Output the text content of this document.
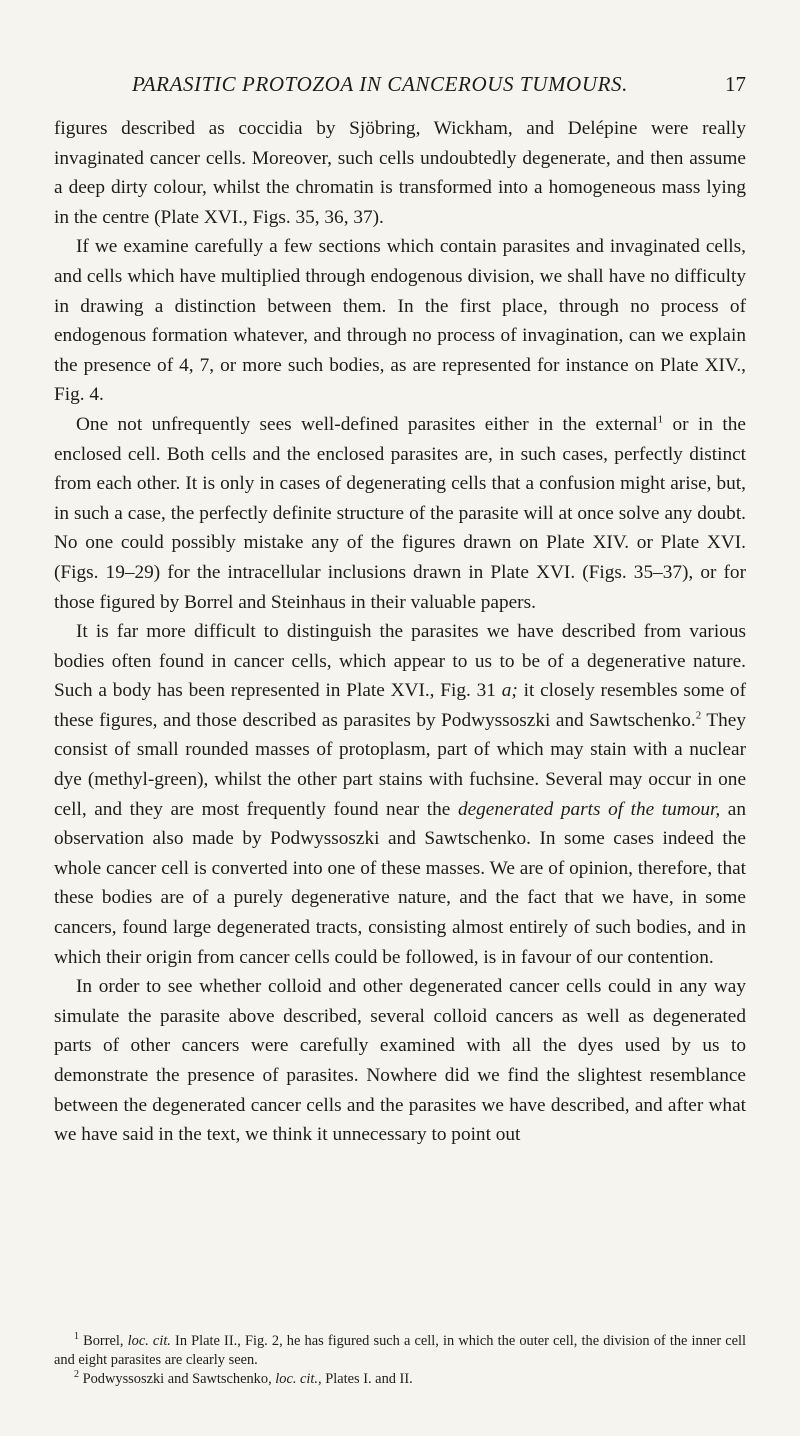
PARASITIC PROTOZOA IN CANCEROUS TUMOURS.	17

figures described as coccidia by Sjöbring, Wickham, and Delépine were really invaginated cancer cells. Moreover, such cells undoubtedly degenerate, and then assume a deep dirty colour, whilst the chromatin is transformed into a homogeneous mass lying in the centre (Plate XVI., Figs. 35, 36, 37).

If we examine carefully a few sections which contain parasites and invaginated cells, and cells which have multiplied through endogenous division, we shall have no difficulty in drawing a distinction between them. In the first place, through no process of endogenous formation whatever, and through no process of invagination, can we explain the presence of 4, 7, or more such bodies, as are represented for instance on Plate XIV., Fig. 4.

One not unfrequently sees well-defined parasites either in the external$^1$ or in the enclosed cell. Both cells and the enclosed parasites are, in such cases, perfectly distinct from each other. It is only in cases of degenerating cells that a confusion might arise, but, in such a case, the perfectly definite structure of the parasite will at once solve any doubt. No one could possibly mistake any of the figures drawn on Plate XIV. or Plate XVI. (Figs. 19–29) for the intracellular inclusions drawn in Plate XVI. (Figs. 35–37), or for those figured by Borrel and Steinhaus in their valuable papers.

It is far more difficult to distinguish the parasites we have described from various bodies often found in cancer cells, which appear to us to be of a degenerative nature. Such a body has been represented in Plate XVI., Fig. 31 a; it closely resembles some of these figures, and those described as parasites by Podwyssoszki and Sawtschenko.$^2$ They consist of small rounded masses of protoplasm, part of which may stain with a nuclear dye (methyl-green), whilst the other part stains with fuchsine. Several may occur in one cell, and they are most frequently found near the degenerated parts of the tumour, an observation also made by Podwyssoszki and Sawtschenko. In some cases indeed the whole cancer cell is converted into one of these masses. We are of opinion, therefore, that these bodies are of a purely degenerative nature, and the fact that we have, in some cancers, found large degenerated tracts, consisting almost entirely of such bodies, and in which their origin from cancer cells could be followed, is in favour of our contention.

In order to see whether colloid and other degenerated cancer cells could in any way simulate the parasite above described, several colloid cancers as well as degenerated parts of other cancers were carefully examined with all the dyes used by us to demonstrate the presence of parasites. Nowhere did we find the slightest resemblance between the degenerated cancer cells and the parasites we have described, and after what we have said in the text, we think it unnecessary to point out

$^1$ Borrel, loc. cit. In Plate II., Fig. 2, he has figured such a cell, in which the outer cell, the division of the inner cell and eight parasites are clearly seen.

$^2$ Podwyssoszki and Sawtschenko, loc. cit., Plates I. and II.
